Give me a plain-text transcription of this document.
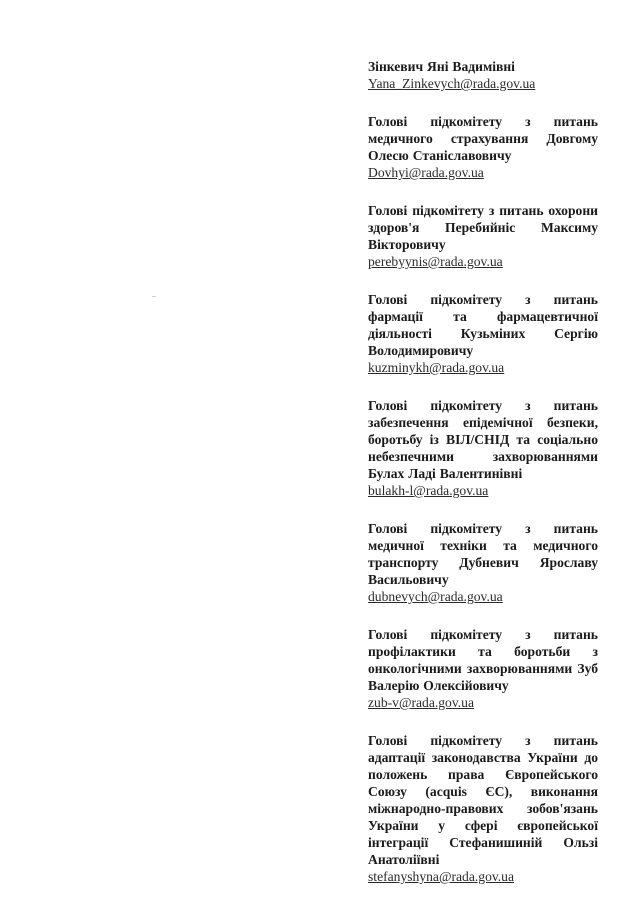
Зінкевич Яні Вадимівні
Yana_Zinkevych@rada.gov.ua
Голові підкомітету з питань медичного страхування Довгому Олесю Станіславовичу
Dovhyi@rada.gov.ua
Голові підкомітету з питань охорони здоров'я Перебийніс Максиму Вікторовичу
perebyynis@rada.gov.ua
Голові підкомітету з питань фармації та фармацевтичної діяльності Кузьміних Сергію Володимировичу
kuzminykh@rada.gov.ua
Голові підкомітету з питань забезпечення епідемічної безпеки, боротьбу із ВІЛ/СНІД та соціально небезпечними захворюваннями Булах Ладі Валентинівні
bulakh-l@rada.gov.ua
Голові підкомітету з питань медичної техніки та медичного транспорту Дубневич Ярославу Васильовичу
dubnevych@rada.gov.ua
Голові підкомітету з питань профілактики та боротьби з онкологічними захворюваннями Зуб Валерію Олексійовичу
zub-v@rada.gov.ua
Голові підкомітету з питань адаптації законодавства України до положень права Європейського Союзу (acquis ЄС), виконання міжнародно-правових зобов'язань України у сфері європейської інтеграції Стефанишиній Ользі Анатоліївні
stefanyshyna@rada.gov.ua
